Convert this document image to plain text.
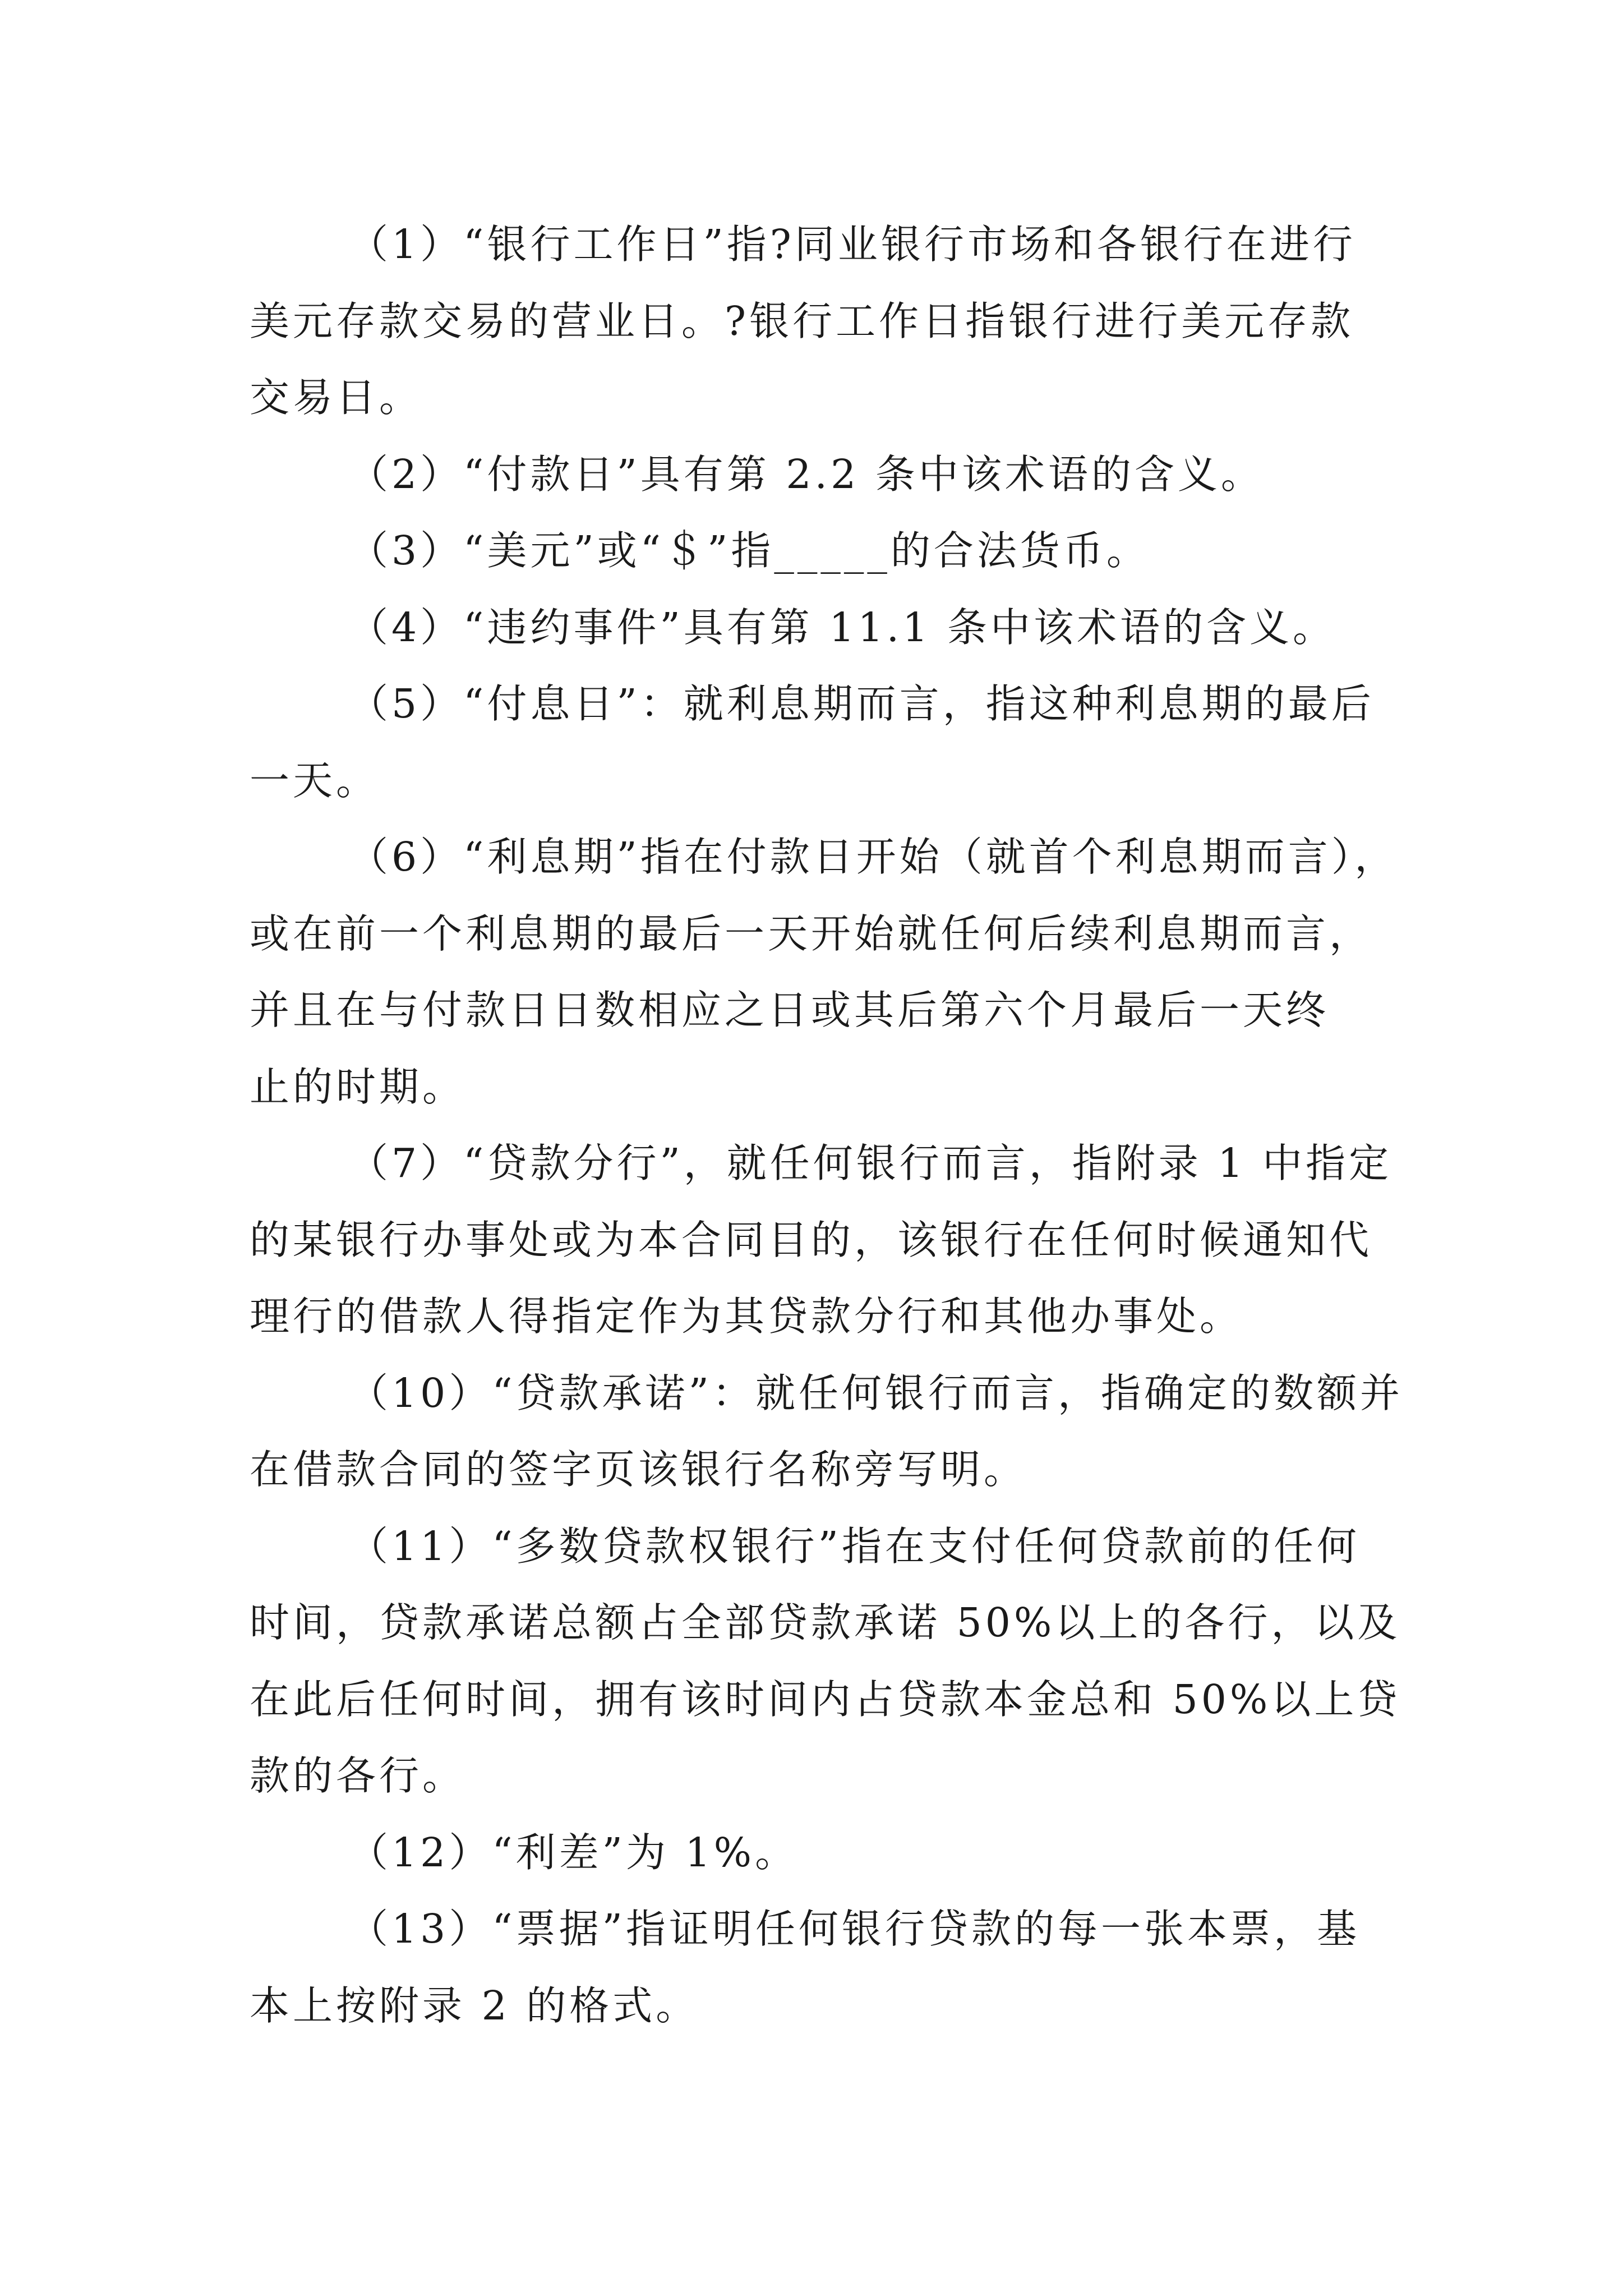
（1）“银行工作日”指?同业银行市场和各银行在进行
美元存款交易的营业日。?银行工作日指银行进行美元存款
交易日。

（2）“付款日”具有第 2.2 条中该术语的含义。

（3）“美元”或“＄”指_____的合法货币。

（4）“违约事件”具有第 11.1 条中该术语的含义。

（5）“付息日”：就利息期而言，指这种利息期的最后
一天。

（6）“利息期”指在付款日开始（就首个利息期而言），
或在前一个利息期的最后一天开始就任何后续利息期而言，
并且在与付款日日数相应之日或其后第六个月最后一天终
止的时期。

（7）“贷款分行”，就任何银行而言，指附录 1 中指定
的某银行办事处或为本合同目的，该银行在任何时候通知代
理行的借款人得指定作为其贷款分行和其他办事处。

（10）“贷款承诺”：就任何银行而言，指确定的数额并
在借款合同的签字页该银行名称旁写明。

（11）“多数贷款权银行”指在支付任何贷款前的任何
时间，贷款承诺总额占全部贷款承诺 50%以上的各行，以及
在此后任何时间，拥有该时间内占贷款本金总和 50%以上贷
款的各行。

（12）“利差”为 1%。

（13）“票据”指证明任何银行贷款的每一张本票，基
本上按附录 2 的格式。
